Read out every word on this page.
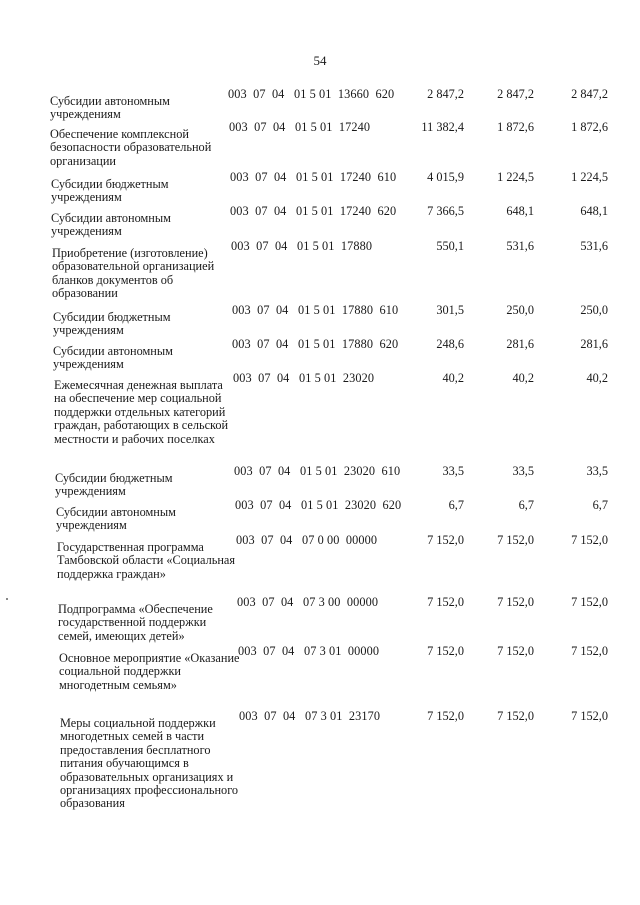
54
Субсидии автономным учреждениям
003  07  04   01 5 01  13660  620	2 847,2	2 847,2	2 847,2
Обеспечение комплексной безопасности образовательной организации
003  07  04   01 5 01  17240	11 382,4	1 872,6	1 872,6
Субсидии бюджетным учреждениям
003  07  04   01 5 01  17240  610	4 015,9	1 224,5	1 224,5
Субсидии автономным учреждениям
003  07  04   01 5 01  17240  620	7 366,5	648,1	648,1
Приобретение (изготовление) образовательной организацией бланков документов об образовании
003  07  04   01 5 01  17880	550,1	531,6	531,6
Субсидии бюджетным учреждениям
003  07  04   01 5 01  17880  610	301,5	250,0	250,0
Субсидии автономным учреждениям
003  07  04   01 5 01  17880  620	248,6	281,6	281,6
Ежемесячная денежная выплата на обеспечение мер социальной поддержки отдельных категорий граждан, работающих в сельской местности и рабочих поселках
003  07  04   01 5 01  23020	40,2	40,2	40,2
Субсидии бюджетным учреждениям
003  07  04   01 5 01  23020  610	33,5	33,5	33,5
Субсидии автономным учреждениям
003  07  04   01 5 01  23020  620	6,7	6,7	6,7
Государственная программа Тамбовской области «Социальная поддержка граждан»
003  07  04   07 0 00  00000	7 152,0	7 152,0	7 152,0
Подпрограмма «Обеспечение государственной поддержки семей, имеющих детей»
003  07  04   07 3 00  00000	7 152,0	7 152,0	7 152,0
Основное мероприятие «Оказание социальной поддержки многодетным семьям»
003  07  04   07 3 01  00000	7 152,0	7 152,0	7 152,0
Меры социальной поддержки многодетных семей в части предоставления бесплатного питания обучающимся в образовательных организациях и организациях профессионального образования
003  07  04   07 3 01  23170	7 152,0	7 152,0	7 152,0
